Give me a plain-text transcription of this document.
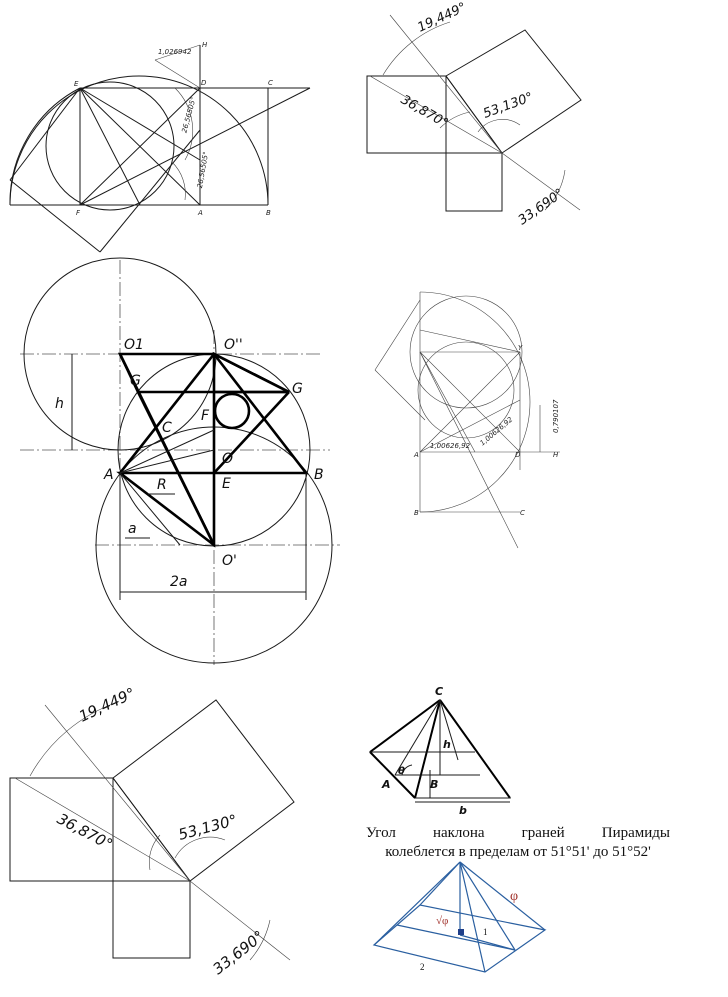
H
E	D	C
F	A	B
1,026942
26,56505°
26,56505°
19,449°
36,870° 53,130°
33,690°
O1	O''
G	G
F
C
O
A	B
E
R
a
O'
h
2a
1,00626,92 1,00626,92	0,790107
H
D
A
B	C
Y
19,449°
36,870°	53,130°
33,690°
C
h
θ
A	B
b
φ
√φ
1
2
Угол наклона граней Пирамиды
колеблется в пределам от 51°51' до 51°52'
